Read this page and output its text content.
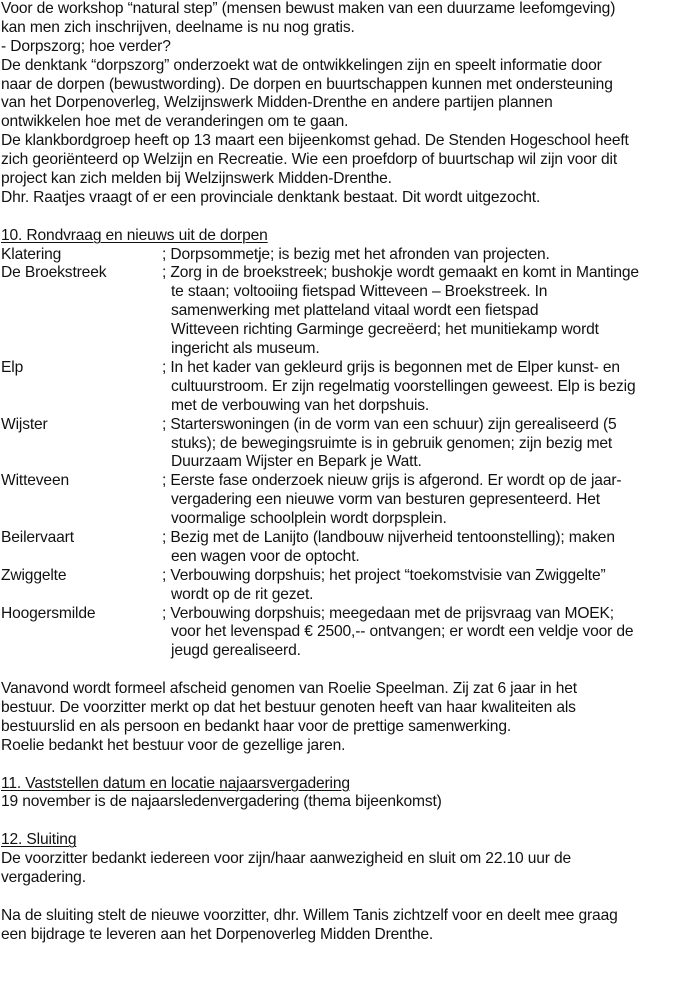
Voor de workshop “natural step” (mensen bewust maken van een duurzame leefomgeving)
kan men zich inschrijven, deelname is nu nog gratis.
- Dorpszorg; hoe verder?
De denktank “dorpszorg” onderzoekt wat de ontwikkelingen zijn en speelt informatie door
naar de dorpen (bewustwording). De dorpen en buurtschappen kunnen met ondersteuning
van het Dorpenoverleg, Welzijnswerk Midden-Drenthe en andere partijen plannen
ontwikkelen hoe met de veranderingen om te gaan.
De klankbordgroep heeft op 13 maart een bijeenkomst gehad. De Stenden Hogeschool heeft
zich georiënteerd op Welzijn en Recreatie. Wie een proefdorp of buurtschap wil zijn voor dit
project kan zich melden bij Welzijnswerk Midden-Drenthe.
Dhr. Raatjes vraagt of er een provinciale denktank bestaat. Dit wordt uitgezocht.
10. Rondvraag en nieuws uit de dorpen
Klatering	; Dorpsommetje; is bezig met het afronden van projecten.
De Broekstreek	; Zorg in de broekstreek; bushokje wordt gemaakt en komt in Mantinge
te staan; voltooiing fietspad Witteveen – Broekstreek. In
samenwerking met platteland vitaal wordt een fietspad
Witteveen richting Garminge gecreëerd; het munitiekamp wordt
ingericht als museum.
Elp	; In het kader van gekleurd grijs is begonnen met de Elper kunst- en
cultuurstroom. Er zijn regelmatig voorstellingen geweest. Elp is bezig
met de verbouwing van het dorpshuis.
Wijster	; Starterswoningen (in de vorm van een schuur) zijn gerealiseerd (5
stuks); de bewegingsruimte is in gebruik genomen; zijn bezig met
Duurzaam Wijster en Bepark je Watt.
Witteveen	; Eerste fase onderzoek nieuw grijs is afgerond. Er wordt op de jaar-
vergadering een nieuwe vorm van besturen gepresenteerd. Het
voormalige schoolplein wordt dorpsplein.
Beilervaart	; Bezig met de Lanijto (landbouw nijverheid tentoonstelling); maken
een wagen voor de optocht.
Zwiggelte	; Verbouwing dorpshuis; het project “toekomstvisie van Zwiggelte”
wordt op de rit gezet.
Hoogersmilde	; Verbouwing dorpshuis; meegedaan met de prijsvraag van MOEK;
voor het levenspad € 2500,-- ontvangen; er wordt een veldje voor de
jeugd gerealiseerd.
Vanavond wordt formeel afscheid genomen van Roelie Speelman. Zij zat 6 jaar in het
bestuur. De voorzitter merkt op dat het bestuur genoten heeft van haar kwaliteiten als
bestuurslid en als persoon en bedankt haar voor de prettige samenwerking.
Roelie bedankt het bestuur voor de gezellige jaren.
11. Vaststellen datum en locatie najaarsvergadering
19 november is de najaarsledenvergadering (thema bijeenkomst)
12. Sluiting
De voorzitter bedankt iedereen voor zijn/haar aanwezigheid en sluit om 22.10 uur de
vergadering.
Na de sluiting stelt de nieuwe voorzitter, dhr. Willem Tanis zichtzelf voor en deelt mee graag
een bijdrage te leveren aan het Dorpenoverleg Midden Drenthe.
